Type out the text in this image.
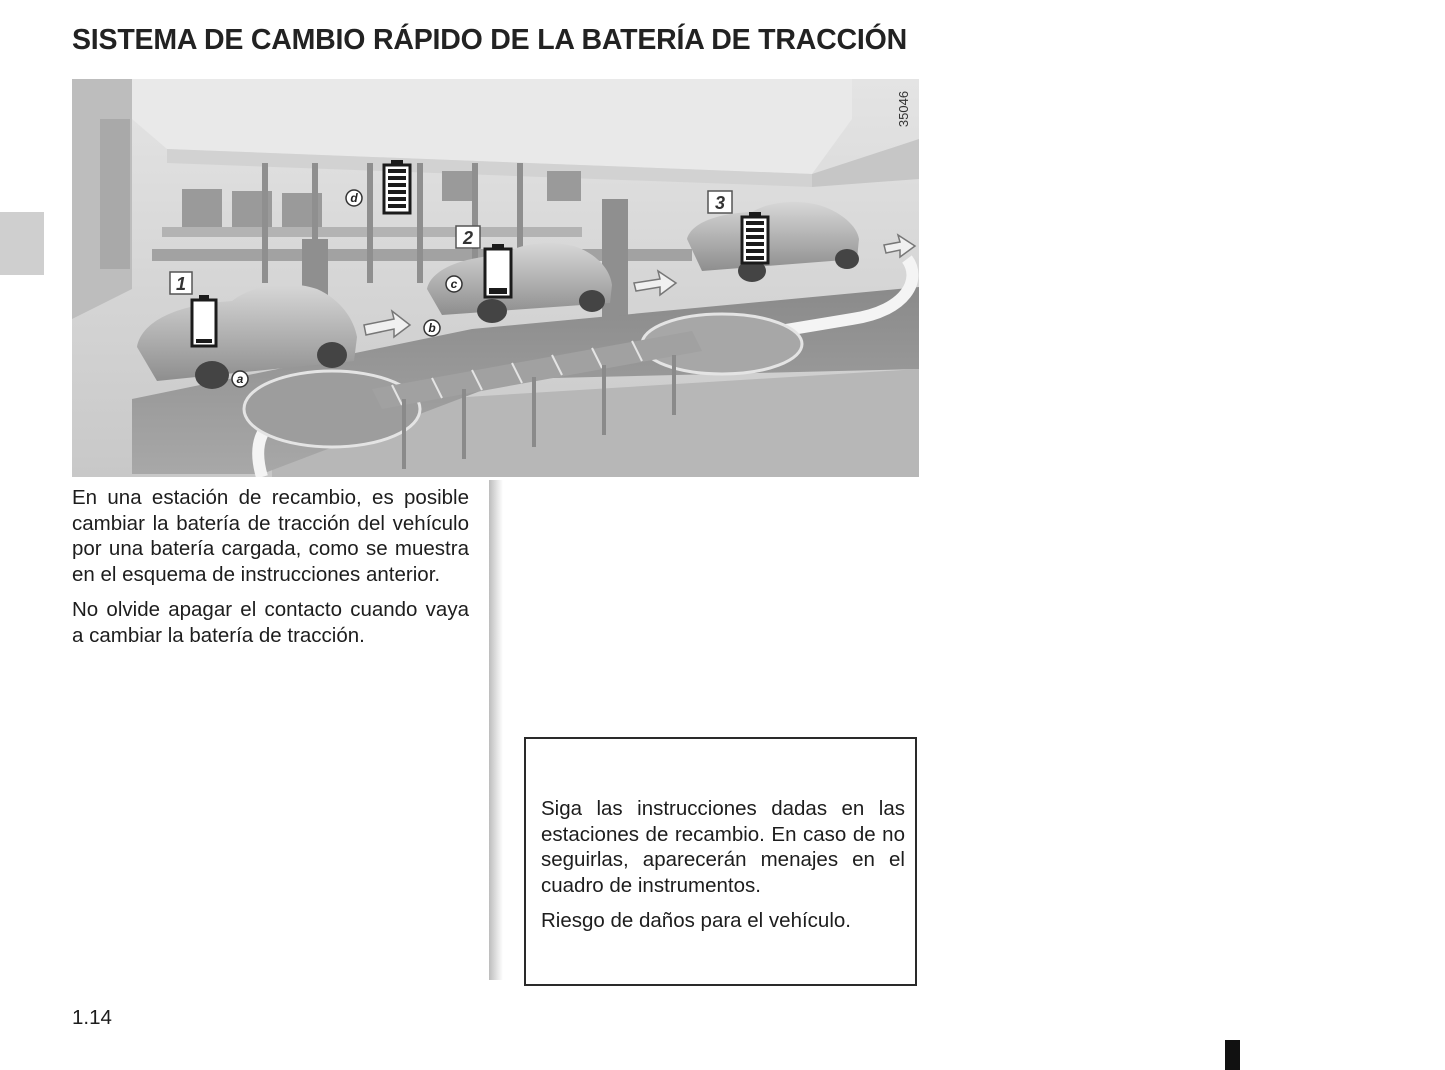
SISTEMA DE CAMBIO RÁPIDO DE LA BATERÍA DE TRACCIÓN
1
2
3
a
b
c
d
35046

En una estación de recambio, es posible cambiar la batería de tracción del vehículo por una batería cargada, como se muestra en el esquema de instrucciones anterior.

No olvide apagar el contacto cuando vaya a cambiar la batería de tracción.

Siga las instrucciones dadas en las estaciones de recambio. En caso de no seguirlas, aparecerán menajes en el cuadro de instrumentos.

Riesgo de daños para el vehículo.

1.14
